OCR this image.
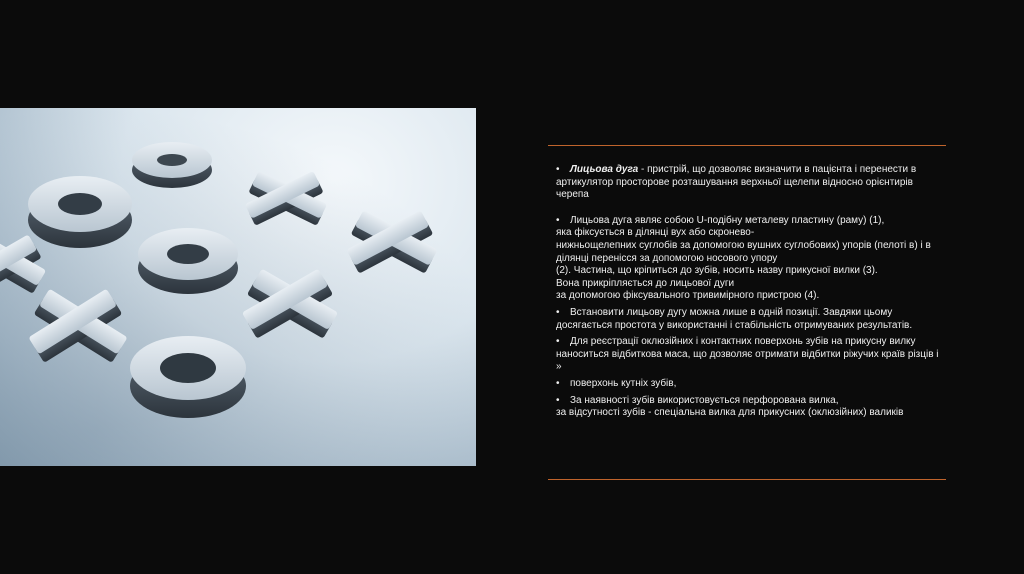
• Лицьова дуга - пристрій, що дозволяє визначити в пацієнта і перенести в артикулятор просторове розташування верхньої щелепи відносно орієнтирів черепа

• Лицьова дуга являє собою U-подібну металеву пластину (раму) (1),
яка фіксується в ділянці вух або скронево-
нижньощелепних суглобів за допомогою вушних суглобових) упорів (пелоті в) і в ділянці перенісся за допомогою носового упору
(2). Частина, що кріпиться до зубів, носить назву прикусної вилки (3).
Вона прикріпляється до лицьової дуги
за допомогою фіксувального тривимірного пристрою (4).

• Встановити лицьову дугу можна лише в одній позиції. Завдяки цьому досягається простота у використанні і стабільність отримуваних результатів.

• Для реєстрації оклюзійних і контактних поверхонь зубів на прикусну вилку наноситься відбиткова маса, що дозволяє отримати відбитки ріжучих країв різців і »

• поверхонь кутніх зубів,

• За наявності зубів використовується перфорована вилка,
за відсутності зубів - спеціальна вилка для прикусних (оклюзійних) валиків
